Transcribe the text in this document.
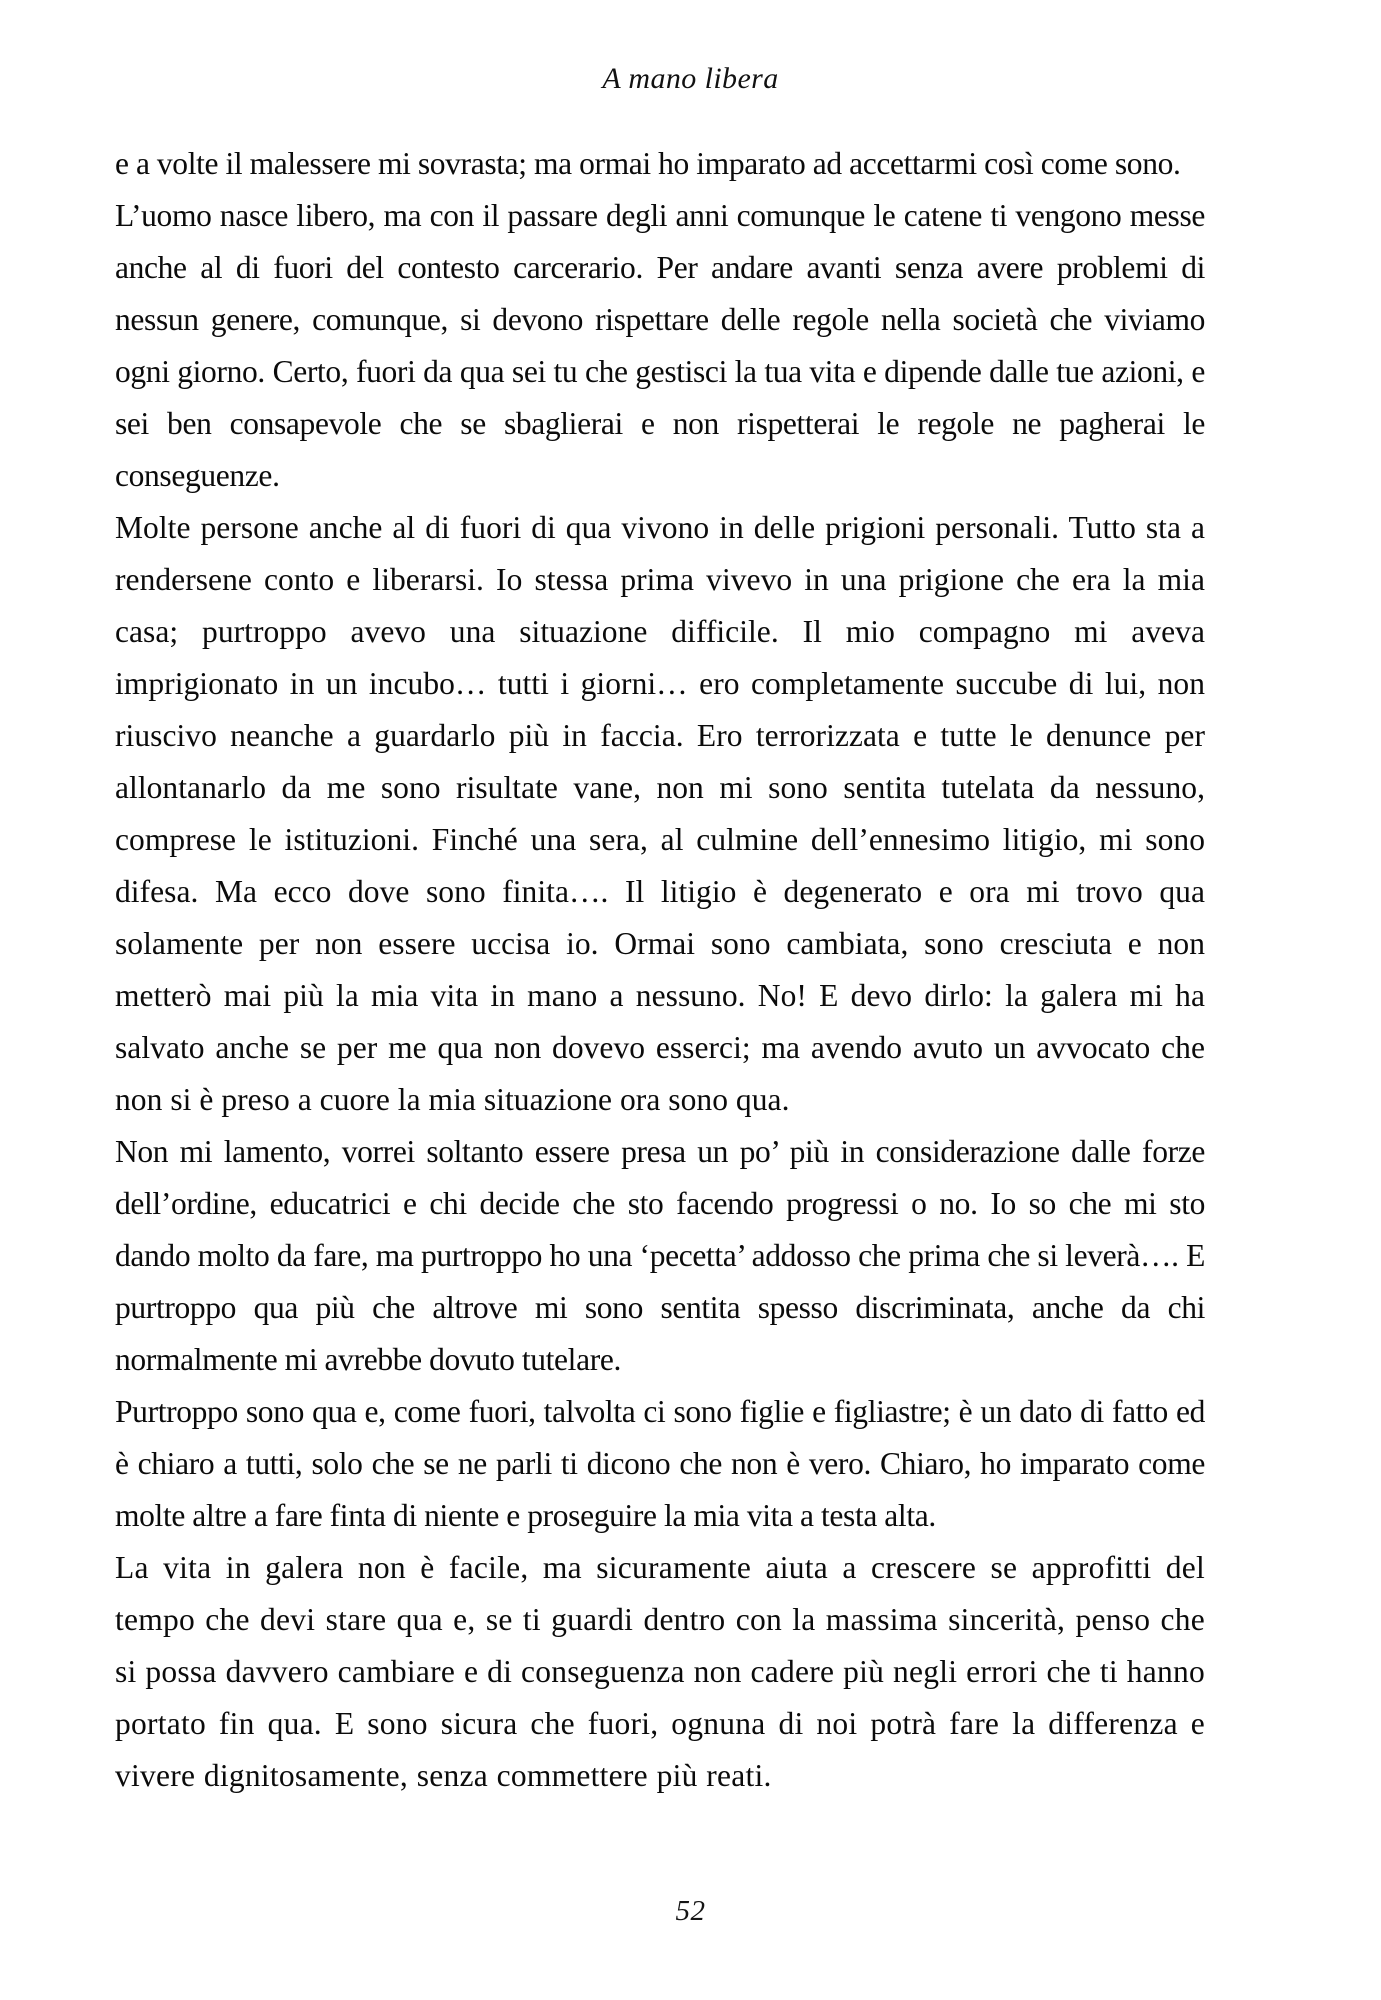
A mano libera

e a volte il malessere mi sovrasta; ma ormai ho imparato ad accettarmi così come sono.

L’uomo nasce libero, ma con il passare degli anni comunque le catene ti vengono messe anche al di fuori del contesto carcerario. Per andare avanti senza avere problemi di nessun genere, comunque, si devono rispettare delle regole nella società che viviamo ogni giorno. Certo, fuori da qua sei tu che gestisci la tua vita e dipende dalle tue azioni, e sei ben consapevole che se sbaglierai e non rispetterai le regole ne pagherai le conseguenze.

Molte persone anche al di fuori di qua vivono in delle prigioni personali. Tutto sta a rendersene conto e liberarsi. Io stessa prima vivevo in una prigione che era la mia casa; purtroppo avevo una situazione difficile. Il mio compagno mi aveva imprigionato in un incubo… tutti i giorni… ero completamente succube di lui, non riuscivo neanche a guardarlo più in faccia. Ero terrorizzata e tutte le denunce per allontanarlo da me sono risultate vane, non mi sono sentita tutelata da nessuno, comprese le istituzioni. Finché una sera, al culmine dell’ennesimo litigio, mi sono difesa. Ma ecco dove sono finita…. Il litigio è degenerato e ora mi trovo qua solamente per non essere uccisa io. Ormai sono cambiata, sono cresciuta e non metterò mai più la mia vita in mano a nessuno. No! E devo dirlo: la galera mi ha salvato anche se per me qua non dovevo esserci; ma avendo avuto un avvocato che non si è preso a cuore la mia situazione ora sono qua.

Non mi lamento, vorrei soltanto essere presa un po’ più in considerazione dalle forze dell’ordine, educatrici e chi decide che sto facendo progressi o no. Io so che mi sto dando molto da fare, ma purtroppo ho una ‘pecetta’ addosso che prima che si leverà…. E purtroppo qua più che altrove mi sono sentita spesso discriminata, anche da chi normalmente mi avrebbe dovuto tutelare.

Purtroppo sono qua e, come fuori, talvolta ci sono figlie e figliastre; è un dato di fatto ed è chiaro a tutti, solo che se ne parli ti dicono che non è vero. Chiaro, ho imparato come molte altre a fare finta di niente e proseguire la mia vita a testa alta.

La vita in galera non è facile, ma sicuramente aiuta a crescere se approfitti del tempo che devi stare qua e, se ti guardi dentro con la massima sincerità, penso che si possa davvero cambiare e di conseguenza non cadere più negli errori che ti hanno portato fin qua. E sono sicura che fuori, ognuna di noi potrà fare la differenza e vivere dignitosamente, senza commettere più reati.

52
